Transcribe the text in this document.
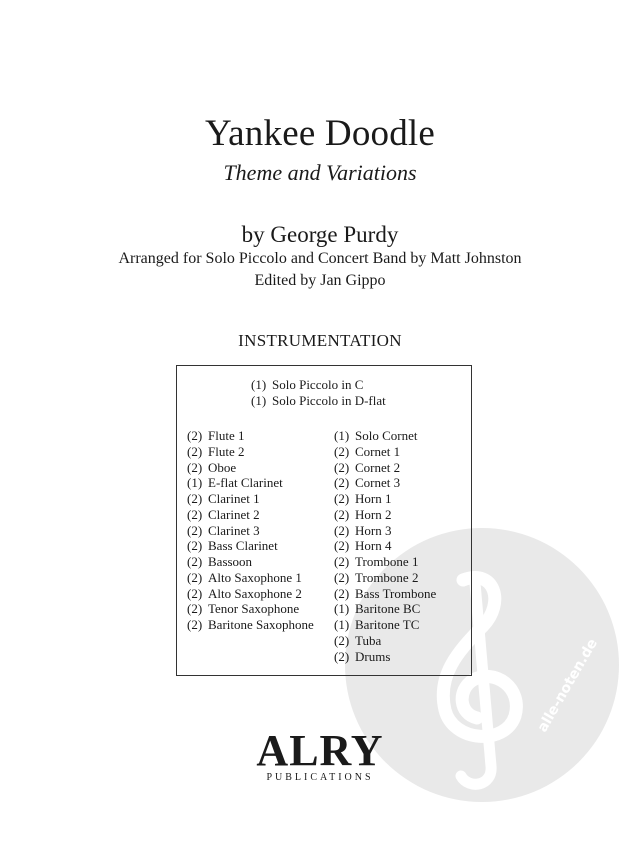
Yankee Doodle
Theme and Variations
by George Purdy
Arranged for Solo Piccolo and Concert Band by Matt Johnston
Edited by Jan Gippo
INSTRUMENTATION
alle-noten.de
(1) Solo Piccolo in C
(1) Solo Piccolo in D-flat
(2) Flute 1
(2) Flute 2
(2) Oboe
(1) E-flat Clarinet
(2) Clarinet 1
(2) Clarinet 2
(2) Clarinet 3
(2) Bass Clarinet
(2) Bassoon
(2) Alto Saxophone 1
(2) Alto Saxophone 2
(2) Tenor Saxophone
(2) Baritone Saxophone
(1) Solo Cornet
(2) Cornet 1
(2) Cornet 2
(2) Cornet 3
(2) Horn 1
(2) Horn 2
(2) Horn 3
(2) Horn 4
(2) Trombone 1
(2) Trombone 2
(2) Bass Trombone
(1) Baritone BC
(1) Baritone TC
(2) Tuba
(2) Drums
ALRY
PUBLICATIONS
